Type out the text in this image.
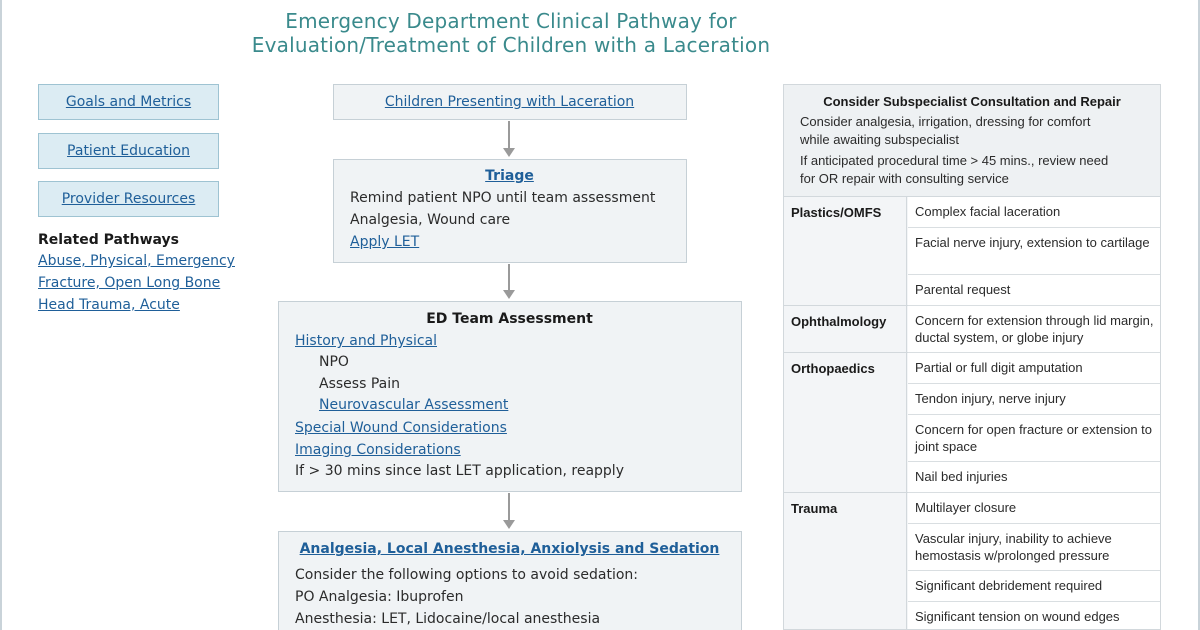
Emergency Department Clinical Pathway for
Evaluation/Treatment of Children with a Laceration
Goals and Metrics
Patient Education
Provider Resources
Related Pathways
Abuse, Physical, Emergency
Fracture, Open Long Bone
Head Trauma, Acute
Children Presenting with Laceration
Triage
Remind patient NPO until team assessment
Analgesia, Wound care
Apply LET
ED Team Assessment
History and Physical
NPO
Assess Pain
Neurovascular Assessment
Special Wound Considerations
Imaging Considerations
If > 30 mins since last LET application, reapply
Analgesia, Local Anesthesia, Anxiolysis and Sedation
Consider the following options to avoid sedation:
PO Analgesia: Ibuprofen
Anesthesia: LET, Lidocaine/local anesthesia
Consider Subspecialist Consultation and Repair
Consider analgesia, irrigation, dressing for comfort
while awaiting subspecialist
If anticipated procedural time > 45 mins., review need
for OR repair with consulting service
Plastics/OMFS	Complex facial laceration
Facial nerve injury, extension to cartilage
Parental request
Ophthalmology	Concern for extension through lid margin, ductal system, or globe injury
Orthopaedics	Partial or full digit amputation
Tendon injury, nerve injury
Concern for open fracture or extension to joint space
Nail bed injuries
Trauma	Multilayer closure
Vascular injury, inability to achieve hemostasis w/prolonged pressure
Significant debridement required
Significant tension on wound edges
